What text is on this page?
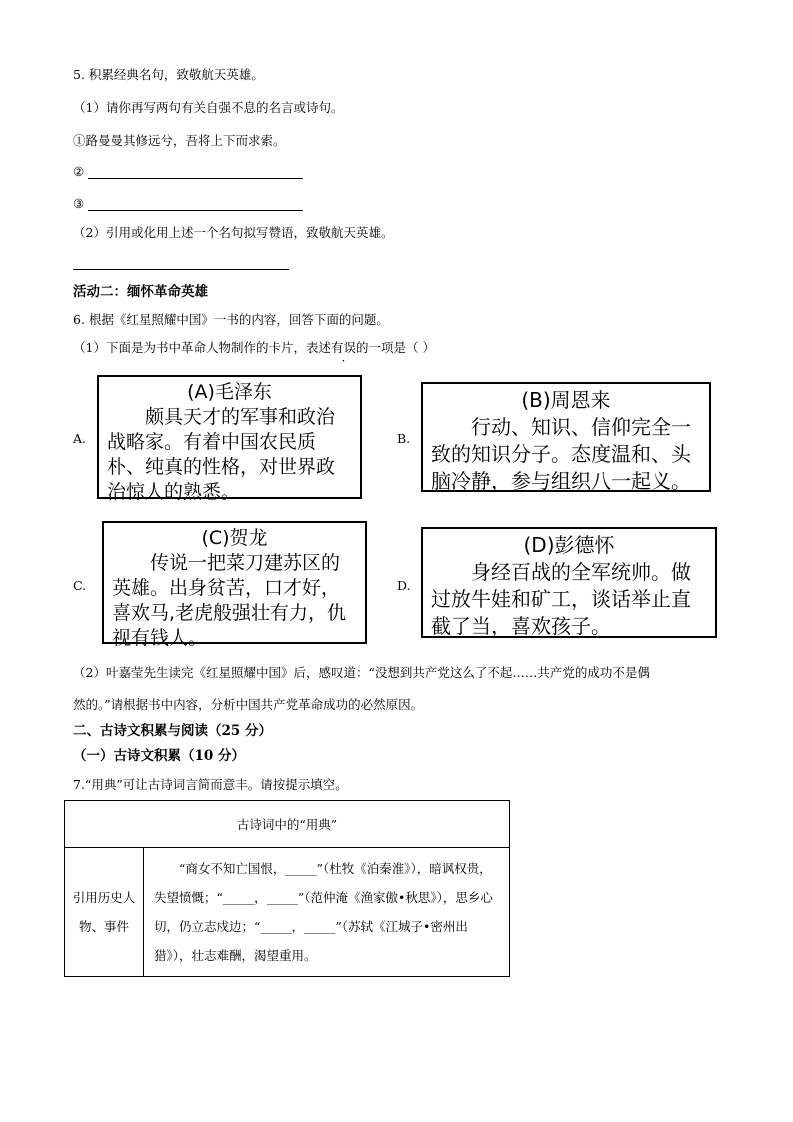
5. 积累经典名句，致敬航天英雄。
（1）请你再写两句有关自强不息的名言或诗句。
①路曼曼其修远兮，吾将上下而求索。
②
③
（2）引用或化用上述一个名句拟写赞语，致敬航天英雄。
活动二：缅怀革命英雄
6. 根据《红星照耀中国》一书的内容，回答下面的问题。
（1）下面是为书中革命人物制作的卡片，表述有误的一项是（ ）
A.
(A)毛泽东
颇具天才的军事和政治战略家。有着中国农民质朴、纯真的性格，对世界政治惊人的熟悉。
B.
(B)周恩来
行动、知识、信仰完全一致的知识分子。态度温和、头脑冷静，参与组织八一起义。
C.
(C)贺龙
传说一把菜刀建苏区的英雄。出身贫苦，口才好，喜欢马,老虎般强壮有力，仇视有钱人。
D.
(D)彭德怀
身经百战的全军统帅。做过放牛娃和矿工，谈话举止直截了当，喜欢孩子。
（2）叶嘉莹先生读完《红星照耀中国》后，感叹道：“没想到共产党这么了不起……共产党的成功不是偶
然的。”请根据书中内容，分析中国共产党革命成功的必然原因。
二、古诗文积累与阅读（25 分）
（一）古诗文积累（10 分）
7.“用典”可让古诗词言简而意丰。请按提示填空。
古诗词中的“用典”
引用历史人物、事件	“商女不知亡国恨，_____”（杜牧《泊秦淮》），暗讽权贵，失望愤慨；“_____，_____”（范仲淹《渔家傲•秋思》），思乡心切，仍立志戍边；“_____，_____”（苏轼《江城子•密州出猎》），壮志难酬，渴望重用。
